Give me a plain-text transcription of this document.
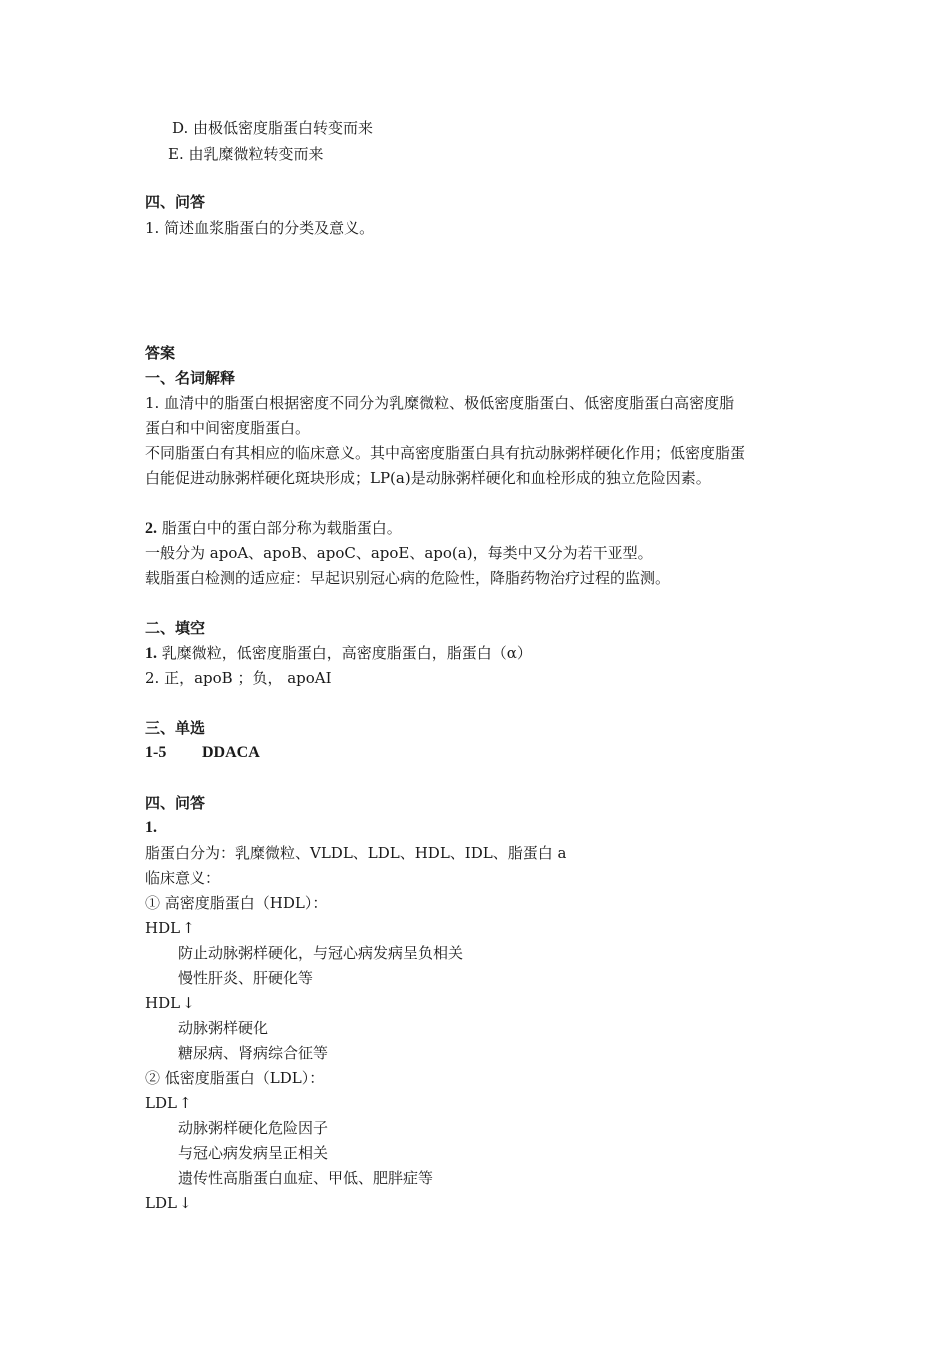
D. 由极低密度脂蛋白转变而来
E. 由乳糜微粒转变而来
四、问答
1. 简述血浆脂蛋白的分类及意义。
答案
一、名词解释
1. 血清中的脂蛋白根据密度不同分为乳糜微粒、极低密度脂蛋白、低密度脂蛋白高密度脂
蛋白和中间密度脂蛋白。
不同脂蛋白有其相应的临床意义。其中高密度脂蛋白具有抗动脉粥样硬化作用；低密度脂蛋
白能促进动脉粥样硬化斑块形成；LP(a)是动脉粥样硬化和血栓形成的独立危险因素。
2. 脂蛋白中的蛋白部分称为载脂蛋白。
一般分为 apoA、apoB、apoC、apoE、apo(a)，每类中又分为若干亚型。
载脂蛋白检测的适应症：早起识别冠心病的危险性，降脂药物治疗过程的监测。
二、填空
1. 乳糜微粒，低密度脂蛋白，高密度脂蛋白，脂蛋白（α）
2. 正，apoB ；负， apoAⅠ
三、单选
1-5 DDACA
四、问答
1.
脂蛋白分为：乳糜微粒、VLDL、LDL、HDL、IDL、脂蛋白 a
临床意义：
① 高密度脂蛋白（HDL）：
HDL ↑
防止动脉粥样硬化，与冠心病发病呈负相关
慢性肝炎、肝硬化等
HDL ↓
动脉粥样硬化
糖尿病、肾病综合征等
② 低密度脂蛋白（LDL）：
LDL ↑
动脉粥样硬化危险因子
与冠心病发病呈正相关
遗传性高脂蛋白血症、甲低、肥胖症等
LDL ↓
